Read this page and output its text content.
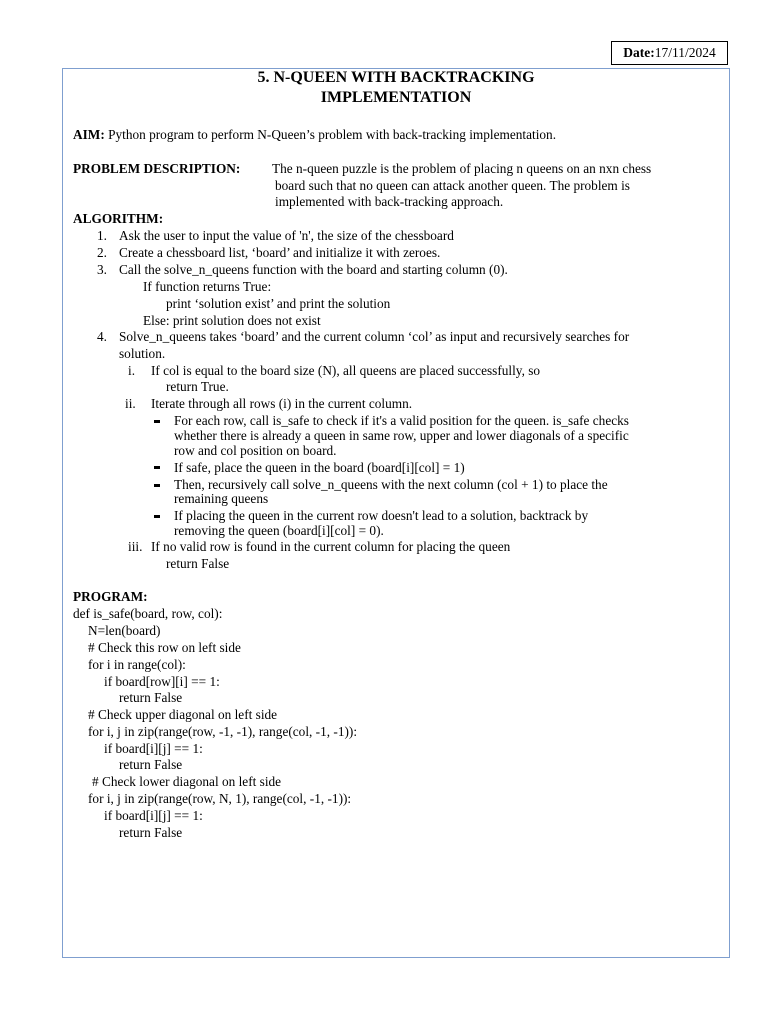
Date:17/11/2024
5. N-QUEEN WITH BACKTRACKING
IMPLEMENTATION
AIM: Python program to perform N-Queen’s problem with back-tracking implementation.
PROBLEM DESCRIPTION: The n-queen puzzle is the problem of placing n queens on an nxn chess
board such that no queen can attack another queen. The problem is
implemented with back-tracking approach.
ALGORITHM:
1. Ask the user to input the value of 'n', the size of the chessboard
2. Create a chessboard list, ‘board’ and initialize it with zeroes.
3. Call the solve_n_queens function with the board and starting column (0).
If function returns True:
print ‘solution exist’ and print the solution
Else: print solution does not exist
4. Solve_n_queens takes ‘board’ and the current column ‘col’ as input and recursively searches for
solution.
i. If col is equal to the board size (N), all queens are placed successfully, so
return True.
ii. Iterate through all rows (i) in the current column.
For each row, call is_safe to check if it's a valid position for the queen. is_safe checks
whether there is already a queen in same row, upper and lower diagonals of a specific
row and col position on board.
If safe, place the queen in the board (board[i][col] = 1)
Then, recursively call solve_n_queens with the next column (col + 1) to place the
remaining queens
If placing the queen in the current row doesn't lead to a solution, backtrack by
removing the queen (board[i][col] = 0).
iii. If no valid row is found in the current column for placing the queen
return False
PROGRAM:
def is_safe(board, row, col):
N=len(board)
# Check this row on left side
for i in range(col):
if board[row][i] == 1:
return False
# Check upper diagonal on left side
for i, j in zip(range(row, -1, -1), range(col, -1, -1)):
if board[i][j] == 1:
return False
# Check lower diagonal on left side
for i, j in zip(range(row, N, 1), range(col, -1, -1)):
if board[i][j] == 1:
return False
